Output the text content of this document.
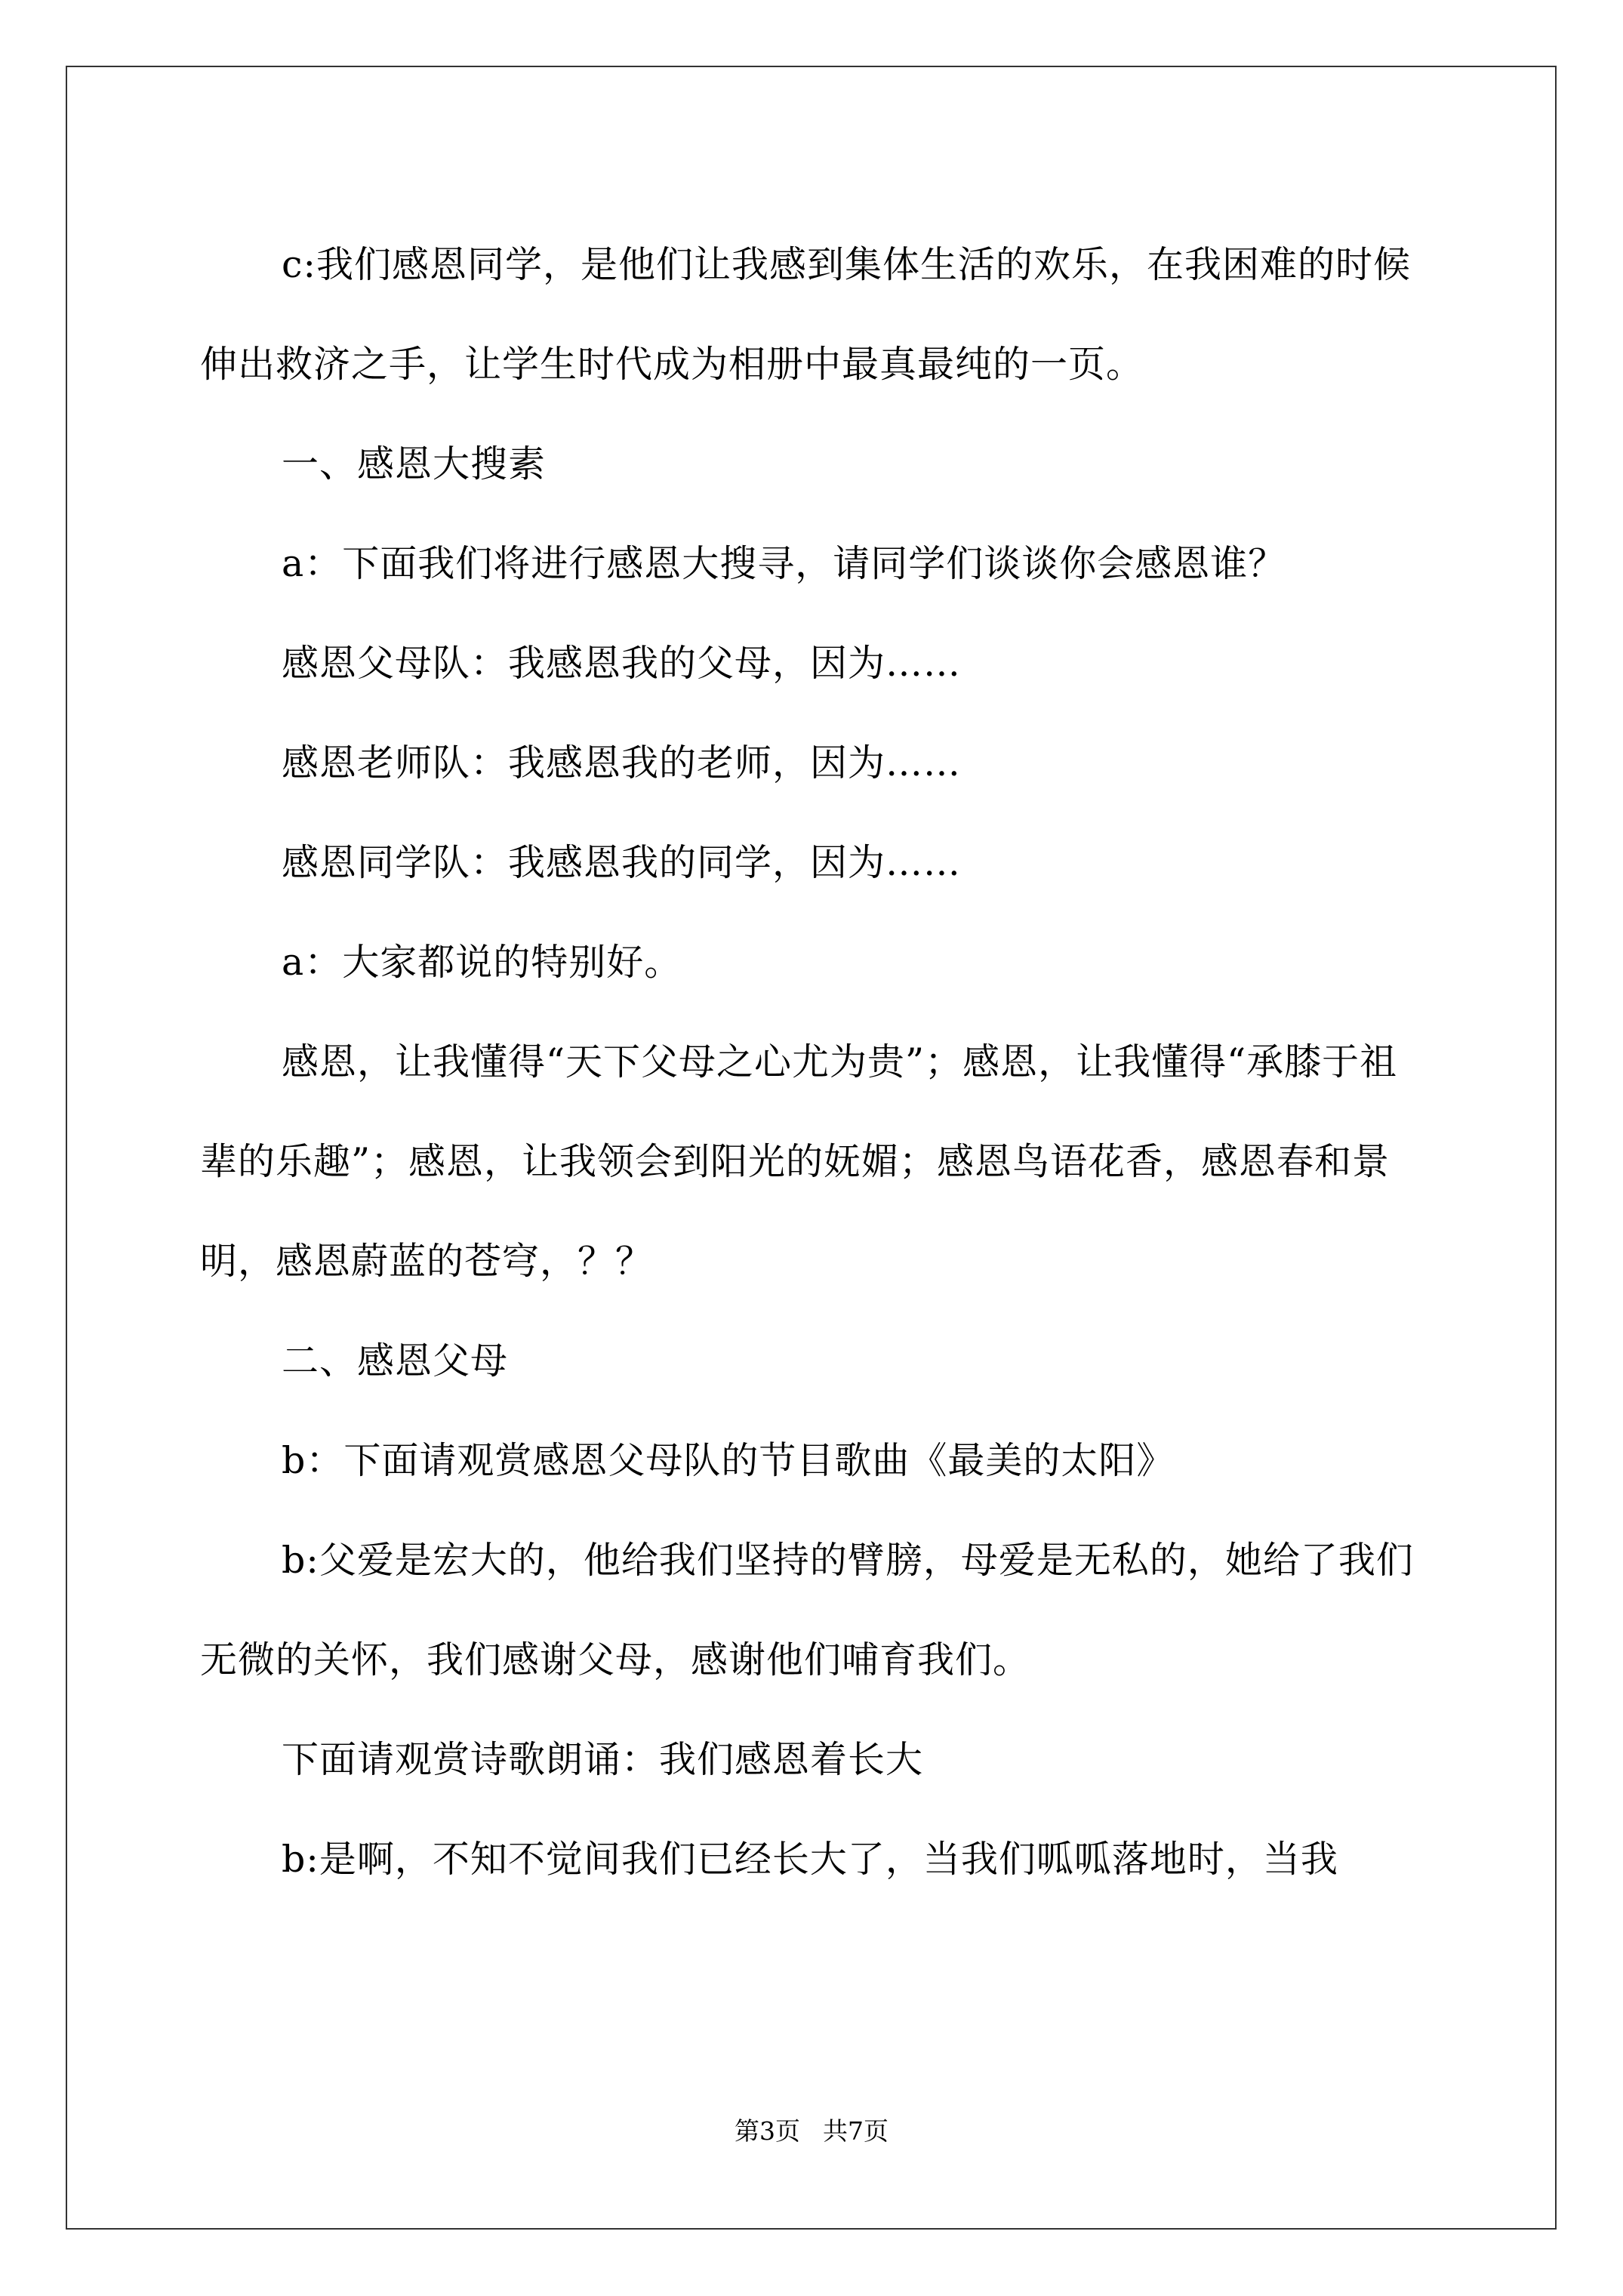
c:我们感恩同学，是他们让我感到集体生活的欢乐，在我困难的时候伸出救济之手，让学生时代成为相册中最真最纯的一页。

一、感恩大搜素

a：下面我们将进行感恩大搜寻，请同学们谈谈你会感恩谁？

感恩父母队：我感恩我的父母，因为……

感恩老师队：我感恩我的老师，因为……

感恩同学队：我感恩我的同学，因为……

a：大家都说的特别好。

感恩，让我懂得“天下父母之心尤为贵”；感恩，让我懂得“承膝于祖辈的乐趣”；感恩，让我领会到阳光的妩媚；感恩鸟语花香，感恩春和景明，感恩蔚蓝的苍穹，？？

二、感恩父母

b：下面请观赏感恩父母队的节目歌曲《最美的太阳》

b:父爱是宏大的，他给我们坚持的臂膀，母爱是无私的，她给了我们无微的关怀，我们感谢父母，感谢他们哺育我们。

下面请观赏诗歌朗诵：我们感恩着长大

b:是啊，不知不觉间我们已经长大了，当我们呱呱落地时，当我

第3页 共7页
